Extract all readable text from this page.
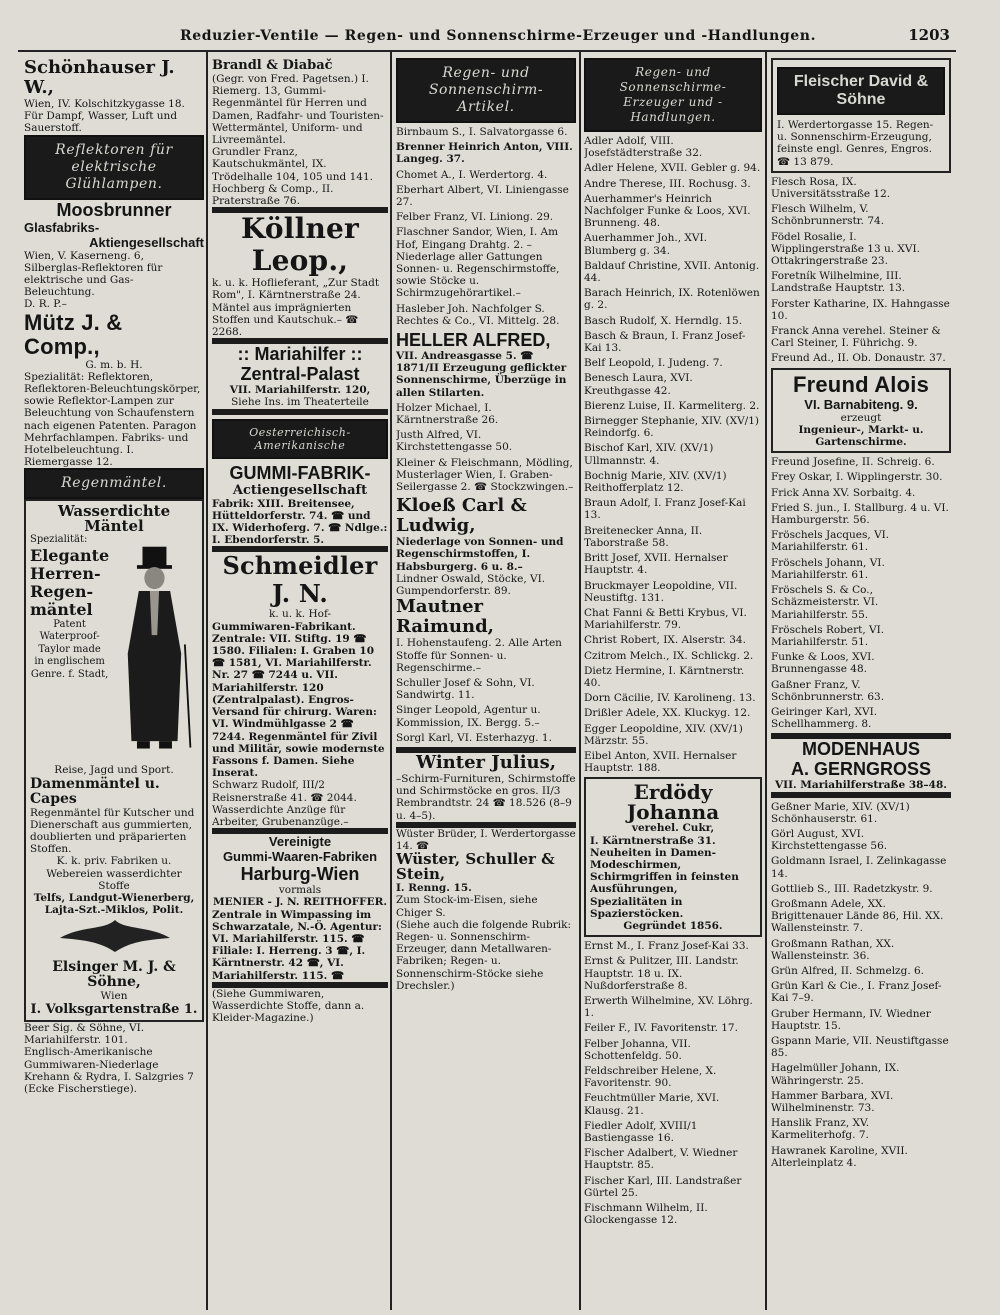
Reduzier-Ventile — Regen- und Sonnenschirme-Erzeuger und -Handlungen.	1203
Schönhauser J. W.,
Wien, IV. Kolschitzkygasse 18. Für Dampf, Wasser, Luft und Sauerstoff.
Reflektoren für elektrische Glühlampen.
Moosbrunner
Glasfabriks-
Aktiengesellschaft
Wien, V. Kaserneng. 6, Silberglas-Reflektoren für elektrische und Gas-Beleuchtung.
D. R. P.–
Mütz J. & Comp.,
G. m. b. H.
Spezialität: Reflektoren, Reflektoren-Beleuchtungskörper, sowie Reflektor-Lampen zur Beleuchtung von Schaufenstern nach eigenen Patenten. Paragon Mehrfachlampen. Fabriks- und Hotelbeleuchtung. I. Riemergasse 12.
Regenmäntel.
Wasserdichte Mäntel
Spezialität:
Elegante
Herren-
Regen-
mäntel
Patent Waterproof-Taylor made
in englischem Genre. f. Stadt,
Reise, Jagd und Sport.
Damenmäntel u. Capes
Regenmäntel für Kutscher und Dienerschaft aus gummierten, doublierten und präparierten Stoffen.
K. k. priv. Fabriken u. Webereien wasserdichter Stoffe
Telfs, Landgut-Wienerberg, Lajta-Szt.-Miklos, Polit.
Elsinger M. J. & Söhne,
Wien
I. Volksgartenstraße 1.
Beer Sig. & Söhne, VI. Mariahilferstr. 101.
Englisch-Amerikanische Gummiwaren-Niederlage Krehann & Rydra, I. Salzgries 7 (Ecke Fischerstiege).
Brandl & Diabač
(Gegr. von Fred. Pagetsen.) I. Riemerg. 13, Gummi-Regenmäntel für Herren und Damen, Radfahr- und Touristen-Wettermäntel, Uniform- und Livreemäntel.
Grundler Franz, Kautschukmäntel, IX. Trödelhalle 104, 105 und 141.
Hochberg & Comp., II. Praterstraße 76.
Köllner Leop.,
k. u. k. Hoflieferant, „Zur Stadt Rom", I. Kärntnerstraße 24. Mäntel aus imprägnierten Stoffen und Kautschuk.– ☎ 2268.
:: Mariahilfer ::
Zentral-Palast
VII. Mariahilferstr. 120,
Siehe Ins. im Theaterteile
Oesterreichisch-Amerikanische
GUMMI-FABRIK-
Actiengesellschaft
Fabrik: XIII. Breitensee, Hütteldorferstr. 74. ☎ und IX. Widerhoferg. 7. ☎ Ndlge.: I. Ebendorferstr. 5.
Schmeidler J. N.
k. u. k. Hof-
Gummiwaren-Fabrikant. Zentrale: VII. Stiftg. 19 ☎ 1580. Filialen: I. Graben 10 ☎ 1581, VI. Mariahilferstr. Nr. 27 ☎ 7244 u. VII. Mariahilferstr. 120 (Zentralpalast). Engros-Versand für chirurg. Waren: VI. Windmühlgasse 2 ☎ 7244. Regenmäntel für Zivil und Militär, sowie modernste Fassons f. Damen. Siehe Inserat.
Schwarz Rudolf, III/2 Reisnerstraße 41. ☎ 2044. Wasserdichte Anzüge für Arbeiter, Grubenanzüge.–
Vereinigte
Gummi-Waaren-Fabriken
Harburg-Wien
vormals
MENIER - J. N. REITHOFFER.
Zentrale in Wimpassing im Schwarzatale, N.-Ö. Agentur: VI. Mariahilferstr. 115. ☎ Filiale: I. Herreng. 3 ☎, I. Kärntnerstr. 42 ☎, VI. Mariahilferstr. 115. ☎
(Siehe Gummiwaren, Wasserdichte Stoffe, dann a. Kleider-Magazine.)
Regen- und Sonnenschirm-Artikel.
Birnbaum S., I. Salvatorgasse 6.
Brenner Heinrich Anton, VIII. Langeg. 37.
Chomet A., I. Werdertorg. 4.
Eberhart Albert, VI. Liniengasse 27.
Felber Franz, VI. Liniong. 29.
Flaschner Sandor, Wien, I. Am Hof, Eingang Drahtg. 2. –Niederlage aller Gattungen Sonnen- u. Regenschirmstoffe, sowie Stöcke u. Schirmzugehörartikel.–
Hasleber Joh. Nachfolger S. Rechtes & Co., VI. Mittelg. 28.
HELLER ALFRED,
VII. Andreasgasse 5. ☎ 1871/II Erzeugung geflickter Sonnenschirme, Überzüge in allen Stilarten.
Holzer Michael, I. Kärntnerstraße 26.
Justh Alfred, VI. Kirchstettengasse 50.
Kleiner & Fleischmann, Mödling, Musterlager Wien, I. Graben-Seilergasse 2. ☎ Stockzwingen.–
Kloeß Carl & Ludwig,
Niederlage von Sonnen- und Regenschirmstoffen, I. Habsburgerg. 6 u. 8.–
Lindner Oswald, Stöcke, VI. Gumpendorferstr. 89.
Mautner Raimund,
I. Hohenstaufeng. 2. Alle Arten Stoffe für Sonnen- u. Regenschirme.–
Schuller Josef & Sohn, VI. Sandwirtg. 11.
Singer Leopold, Agentur u. Kommission, IX. Bergg. 5.–
Sorgl Karl, VI. Esterhazyg. 1.
Winter Julius,
–Schirm-Furnituren, Schirmstoffe und Schirmstöcke en gros. II/3 Rembrandtstr. 24 ☎ 18.526 (8–9 u. 4–5).
Wüster Brüder, I. Werdertorgasse 14. ☎
Wüster, Schuller & Stein,
I. Renng. 15.
Zum Stock-im-Eisen, siehe Chiger S.
(Siehe auch die folgende Rubrik: Regen- u. Sonnenschirm-Erzeuger, dann Metallwaren-Fabriken; Regen- u. Sonnenschirm-Stöcke siehe Drechsler.)
Regen- und Sonnenschirme-Erzeuger und -Handlungen.
Adler Adolf, VIII. Josefstädterstraße 32.
Adler Helene, XVII. Gebler g. 94.
Andre Therese, III. Rochusg. 3.
Auerhammer's Heinrich Nachfolger Funke & Loos, XVI. Brunneng. 48.
Auerhammer Joh., XVI. Blumberg g. 34.
Baldauf Christine, XVII. Antonig. 44.
Barach Heinrich, IX. Rotenlöwen g. 2.
Basch Rudolf, X. Herndlg. 15.
Basch & Braun, I. Franz Josef-Kai 13.
Belf Leopold, I. Judeng. 7.
Benesch Laura, XVI. Kreuthgasse 42.
Bierenz Luise, II. Karmeliterg. 2.
Birnegger Stephanie, XIV. (XV/1) Reindorfg. 6.
Bischof Karl, XIV. (XV/1) Ullmannstr. 4.
Bochnig Marie, XIV. (XV/1) Reithofferplatz 12.
Braun Adolf, I. Franz Josef-Kai 13.
Breitenecker Anna, II. Taborstraße 58.
Britt Josef, XVII. Hernalser Hauptstr. 4.
Bruckmayer Leopoldine, VII. Neustiftg. 131.
Chat Fanni & Betti Krybus, VI. Mariahilferstr. 79.
Christ Robert, IX. Alserstr. 34.
Czitrom Melch., IX. Schlickg. 2.
Dietz Hermine, I. Kärntnerstr. 40.
Dorn Cäcilie, IV. Karolineng. 13.
Drißler Adele, XX. Kluckyg. 12.
Egger Leopoldine, XIV. (XV/1) Märzstr. 55.
Eibel Anton, XVII. Hernalser Hauptstr. 188.
Erdödy Johanna
verehel. Cukr,
I. Kärntnerstraße 31. Neuheiten in Damen-Modeschirmen, Schirmgriffen in feinsten Ausführungen, Spezialitäten in Spazierstöcken.
Gegründet 1856.
Ernst M., I. Franz Josef-Kai 33.
Ernst & Pulitzer, III. Landstr. Hauptstr. 18 u. IX. Nußdorferstraße 8.
Erwerth Wilhelmine, XV. Löhrg. 1.
Feiler F., IV. Favoritenstr. 17.
Felber Johanna, VII. Schottenfeldg. 50.
Feldschreiber Helene, X. Favoritenstr. 90.
Feuchtmüller Marie, XVI. Klausg. 21.
Fiedler Adolf, XVIII/1 Bastiengasse 16.
Fischer Adalbert, V. Wiedner Hauptstr. 85.
Fischer Karl, III. Landstraßer Gürtel 25.
Fischmann Wilhelm, II. Glockengasse 12.
Fleischer David & Söhne
I. Werdertorgasse 15. Regen- u. Sonnenschirm-Erzeugung, feinste engl. Genres, Engros. ☎ 13 879.
Flesch Rosa, IX. Universitätsstraße 12.
Flesch Wilhelm, V. Schönbrunnerstr. 74.
Födel Rosalie, I. Wipplingerstraße 13 u. XVI. Ottakringerstraße 23.
Foretník Wilhelmine, III. Landstraße Hauptstr. 13.
Forster Katharine, IX. Hahngasse 10.
Franck Anna verehel. Steiner & Carl Steiner, I. Führichg. 9.
Freund Ad., II. Ob. Donaustr. 37.
Freund Alois
VI. Barnabiteng. 9.
erzeugt
Ingenieur-, Markt- u.
Gartenschirme.
Freund Josefine, II. Schreig. 6.
Frey Oskar, I. Wipplingerstr. 30.
Frick Anna XV. Sorbaitg. 4.
Fried S. jun., I. Stallburg. 4 u. VI. Hamburgerstr. 56.
Fröschels Jacques, VI. Mariahilferstr. 61.
Fröschels Johann, VI. Mariahilferstr. 61.
Fröschels S. & Co., Schäzmeisterstr. VI. Mariahilferstr. 55.
Fröschels Robert, VI. Mariahilferstr. 51.
Funke & Loos, XVI. Brunnengasse 48.
Gaßner Franz, V. Schönbrunnerstr. 63.
Geiringer Karl, XVI. Schellhammerg. 8.
MODENHAUS
A. GERNGROSS
VII. Mariahilferstraße 38–48.
Geßner Marie, XIV. (XV/1) Schönhauserstr. 61.
Görl August, XVI. Kirchstettengasse 56.
Goldmann Israel, I. Zelinkagasse 14.
Gottlieb S., III. Radetzkystr. 9.
Großmann Adele, XX. Brigittenauer Lände 86, Hil. XX. Wallensteinstr. 7.
Großmann Rathan, XX. Wallensteinstr. 36.
Grün Alfred, II. Schmelzg. 6.
Grün Karl & Cie., I. Franz Josef-Kai 7–9.
Gruber Hermann, IV. Wiedner Hauptstr. 15.
Gspann Marie, VII. Neustiftgasse 85.
Hagelmüller Johann, IX. Währingerstr. 25.
Hammer Barbara, XVI. Wilhelminenstr. 73.
Hanslik Franz, XV. Karmeliterhofg. 7.
Hawranek Karoline, XVII. Alterleinplatz 4.
